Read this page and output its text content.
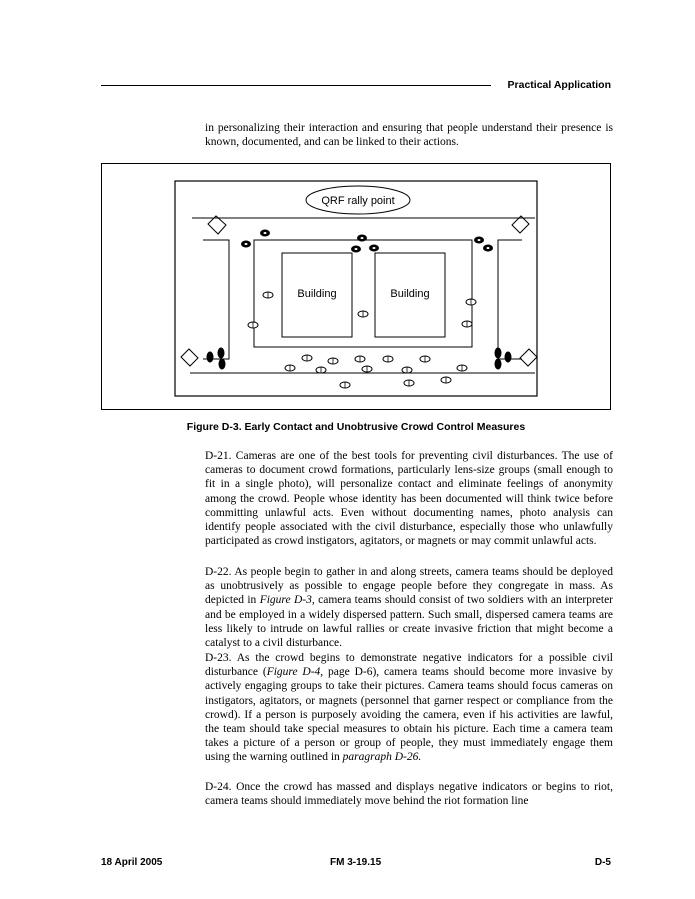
Practical Application

in personalizing their interaction and ensuring that people understand their presence is known, documented, and can be linked to their actions.

QRF rally point
Building	Building
Figure D-3. Early Contact and Unobtrusive Crowd Control Measures

D-21. Cameras are one of the best tools for preventing civil disturbances. The use of cameras to document crowd formations, particularly lens-size groups (small enough to fit in a single photo), will personalize contact and eliminate feelings of anonymity among the crowd. People whose identity has been documented will think twice before committing unlawful acts. Even without documenting names, photo analysis can identify people associated with the civil disturbance, especially those who unlawfully participated as crowd instigators, agitators, or magnets or may commit unlawful acts.

D-22. As people begin to gather in and along streets, camera teams should be deployed as unobtrusively as possible to engage people before they congregate in mass. As depicted in Figure D-3, camera teams should consist of two soldiers with an interpreter and be employed in a widely dispersed pattern. Such small, dispersed camera teams are less likely to intrude on lawful rallies or create invasive friction that might become a catalyst to a civil disturbance.

D-23. As the crowd begins to demonstrate negative indicators for a possible civil disturbance (Figure D-4, page D-6), camera teams should become more invasive by actively engaging groups to take their pictures. Camera teams should focus cameras on instigators, agitators, or magnets (personnel that garner respect or compliance from the crowd). If a person is purposely avoiding the camera, even if his activities are lawful, the team should take special measures to obtain his picture. Each time a camera team takes a picture of a person or group of people, they must immediately engage them using the warning outlined in paragraph D-26.

D-24. Once the crowd has massed and displays negative indicators or begins to riot, camera teams should immediately move behind the riot formation line

18 April 2005	FM 3-19.15	D-5
